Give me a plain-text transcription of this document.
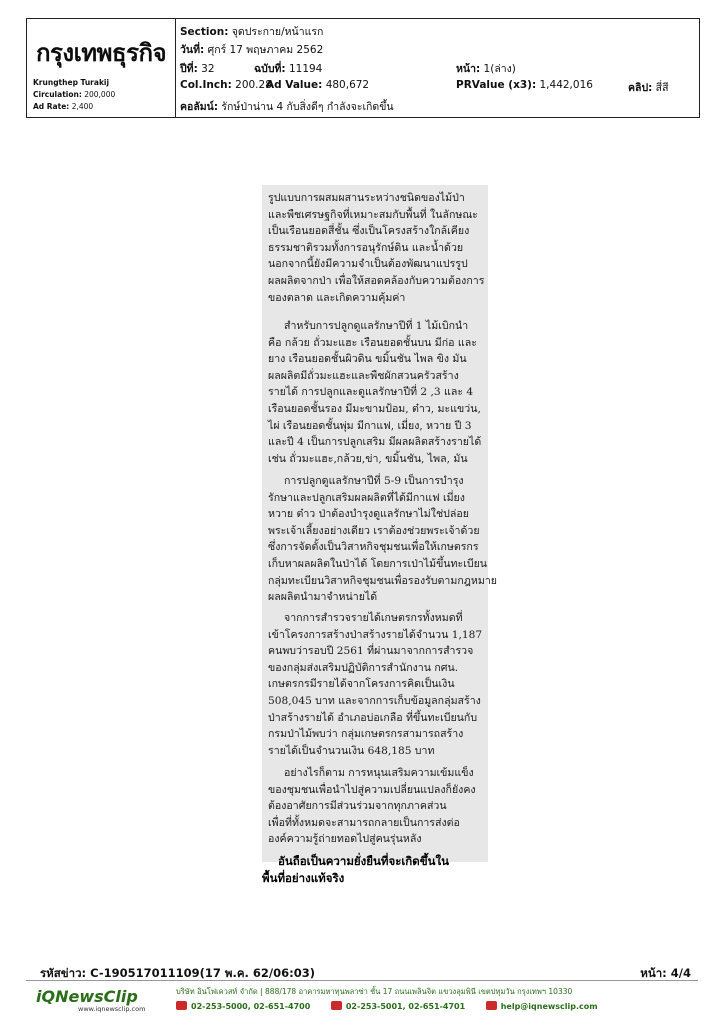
กรุงเทพธุรกิจ
Krungthep Turakij
Circulation: 200,000
Ad Rate: 2,400
Section: จุดประกาย/หน้าแรก
วันที่: ศุกร์ 17 พฤษภาคม 2562
ปีที่: 32	ฉบับที่: 11194	หน้า: 1(ล่าง)
Col.Inch: 200.28
Ad Value: 480,672	PRValue (x3): 1,442,016	คลิป: สี่สี
คอลัมน์: รักษ์ป่าน่าน 4 กับสิ่งดีๆ กำลังจะเกิดขึ้น
รูปแบบการผสมผสานระหว่างชนิดของไม้ป่า
และพืชเศรษฐกิจที่เหมาะสมกับพื้นที่ ในลักษณะ
เป็นเรือนยอดสี่ชั้น ซึ่งเป็นโครงสร้างใกล้เคียง
ธรรมชาติรวมทั้งการอนุรักษ์ดิน และน้ำด้วย
นอกจากนี้ยังมีความจำเป็นต้องพัฒนาแปรรูป
ผลผลิตจากป่า เพื่อให้สอดคล้องกับความต้องการ
ของตลาด และเกิดความคุ้มค่า
สำหรับการปลูกดูแลรักษาปีที่ 1 ไม้เบิกนำ
คือ กล้วย ถั่วมะแฮะ เรือนยอดชั้นบน มีก่อ และ
ยาง เรือนยอดชั้นผิวดิน ขมิ้นชัน ไพล ขิง มัน
ผลผลิตมีถั่วมะแฮะและพืชผักสวนครัวสร้าง
รายได้ การปลูกและดูแลรักษาปีที่ 2 ,3 และ 4
เรือนยอดชั้นรอง มีมะขามป้อม, ต๋าว, มะแขว่น,
ไผ่ เรือนยอดชั้นพุ่ม มีกาแฟ, เมี่ยง, หวาย ปี 3
และปี 4 เป็นการปลูกเสริม มีผลผลิตสร้างรายได้
เช่น ถั่วมะแฮะ,กล้วย,ข่า, ขมิ้นชัน, ไพล, มัน
การปลูกดูแลรักษาปีที่ 5-9 เป็นการบำรุง
รักษาและปลูกเสริมผลผลิตที่ได้มีกาแฟ เมี่ยง
หวาย ต๋าว ป่าต้องบำรุงดูแลรักษาไม่ใช่ปล่อย
พระเจ้าเลี้ยงอย่างเดียว เราต้องช่วยพระเจ้าด้วย
ซึ่งการจัดตั้งเป็นวิสาหกิจชุมชนเพื่อให้เกษตรกร
เก็บหาผลผลิตในป่าได้ โดยการเป่าไม้ขึ้นทะเบียน
กลุ่มทะเบียนวิสาหกิจชุมชนเพื่อรองรับตามกฎหมาย
ผลผลิตนำมาจำหน่ายได้
จากการสำรวจรายได้เกษตรกรทั้งหมดที่
เข้าโครงการสร้างป่าสร้างรายได้จำนวน 1,187
คนพบว่ารอบปี 2561 ที่ผ่านมาจากการสำรวจ
ของกลุ่มส่งเสริมปฏิบัติการสำนักงาน กศน.
เกษตรกรมีรายได้จากโครงการคิดเป็นเงิน
508,045 บาท และจากการเก็บข้อมูลกลุ่มสร้าง
ป่าสร้างรายได้ อำเภอบ่อเกลือ ที่ขึ้นทะเบียนกับ
กรมป่าไม้พบว่า กลุ่มเกษตรกรสามารถสร้าง
รายได้เป็นจำนวนเงิน 648,185 บาท
อย่างไรก็ตาม การหนุนเสริมความเข้มแข็ง
ของชุมชนเพื่อนำไปสู่ความเปลี่ยนแปลงก็ยังคง
ต้องอาศัยการมีส่วนร่วมจากทุกภาคส่วน
เพื่อที่ทั้งหมดจะสามารถกลายเป็นการส่งต่อ
องค์ความรู้ถ่ายทอดไปสู่คนรุ่นหลัง
อันถือเป็นความยั่งยืนที่จะเกิดขึ้นใน
พื้นที่อย่างแท้จริง
รหัสข่าว: C-190517011109(17 พ.ค. 62/06:03)	หน้า: 4/4
iQNewsClip
www.iqnewsclip.com
บริษัท อินโฟเควสท์ จำกัด | 888/178 อาคารมหาทุนพลาซ่า ชั้น 17 ถนนเพลินจิต แขวงลุมพินี เขตปทุมวัน กรุงเทพฯ 10330
02-253-5000, 02-651-4700	02-253-5001, 02-651-4701	help@iqnewsclip.com
